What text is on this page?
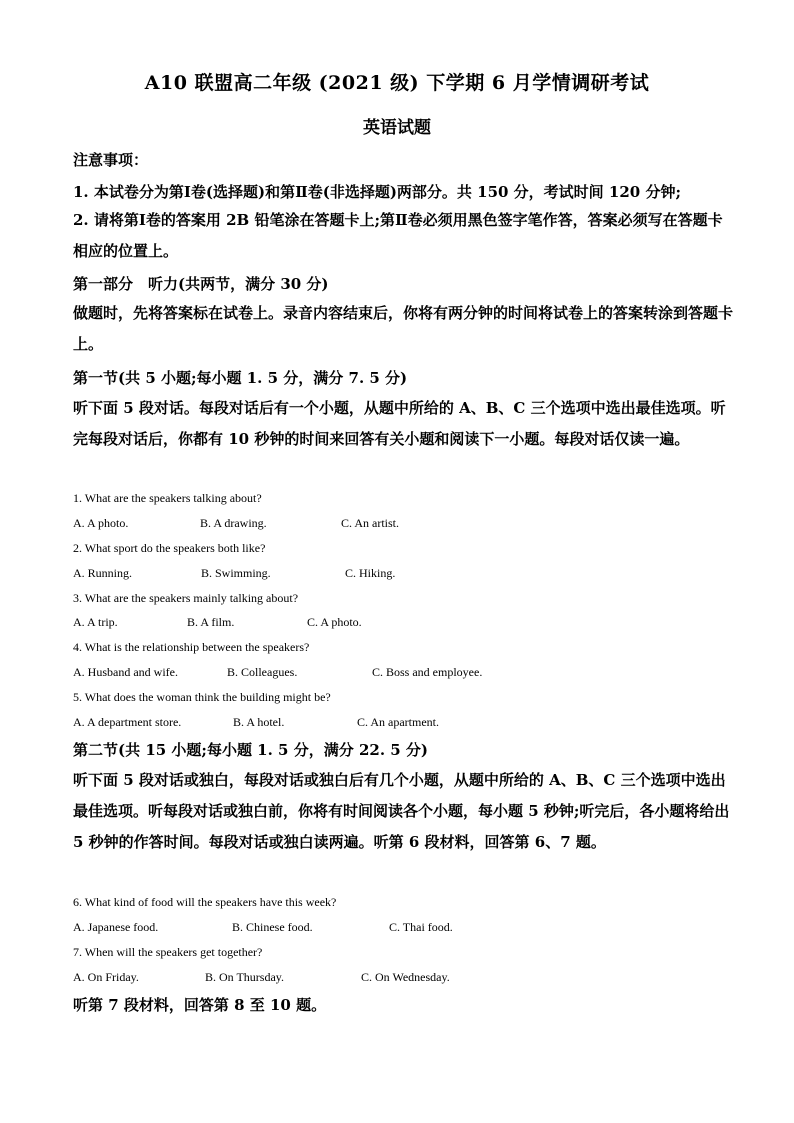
A10 联盟高二年级 (2021 级) 下学期 6 月学情调研考试
英语试题
注意事项：
1. 本试卷分为第Ⅰ卷(选择题)和第Ⅱ卷(非选择题)两部分。共 150 分，考试时间 120 分钟;
2. 请将第Ⅰ卷的答案用 2B 铅笔涂在答题卡上;第Ⅱ卷必须用黑色签字笔作答，答案必须写在答题卡相应的位置上。
第一部分　听力(共两节，满分 30 分)
做题时，先将答案标在试卷上。录音内容结束后，你将有两分钟的时间将试卷上的答案转涂到答题卡上。
第一节(共 5 小题;每小题 1. 5 分，满分 7. 5 分)
听下面 5 段对话。每段对话后有一个小题，从题中所给的 A、B、C 三个选项中选出最佳选项。听完每段对话后，你都有 10 秒钟的时间来回答有关小题和阅读下一小题。每段对话仅读一遍。
1. What are the speakers talking about?
A. A photo.	B. A drawing.	C. An artist.
2. What sport do the speakers both like?
A. Running.	B. Swimming.	C. Hiking.
3. What are the speakers mainly talking about?
A. A trip.	B. A film.	C. A photo.
4. What is the relationship between the speakers?
A. Husband and wife.	B. Colleagues.	C. Boss and employee.
5. What does the woman think the building might be?
A. A department store.	B. A hotel.	C. An apartment.
第二节(共 15 小题;每小题 1. 5 分，满分 22. 5 分)
听下面 5 段对话或独白，每段对话或独白后有几个小题，从题中所给的 A、B、C 三个选项中选出最佳选项。听每段对话或独白前，你将有时间阅读各个小题，每小题 5 秒钟;听完后，各小题将给出 5 秒钟的作答时间。每段对话或独白读两遍。听第 6 段材料，回答第 6、7 题。
6. What kind of food will the speakers have this week?
A. Japanese food.	B. Chinese food.	C. Thai food.
7. When will the speakers get together?
A. On Friday.	B. On Thursday.	C. On Wednesday.
听第 7 段材料，回答第 8 至 10 题。
